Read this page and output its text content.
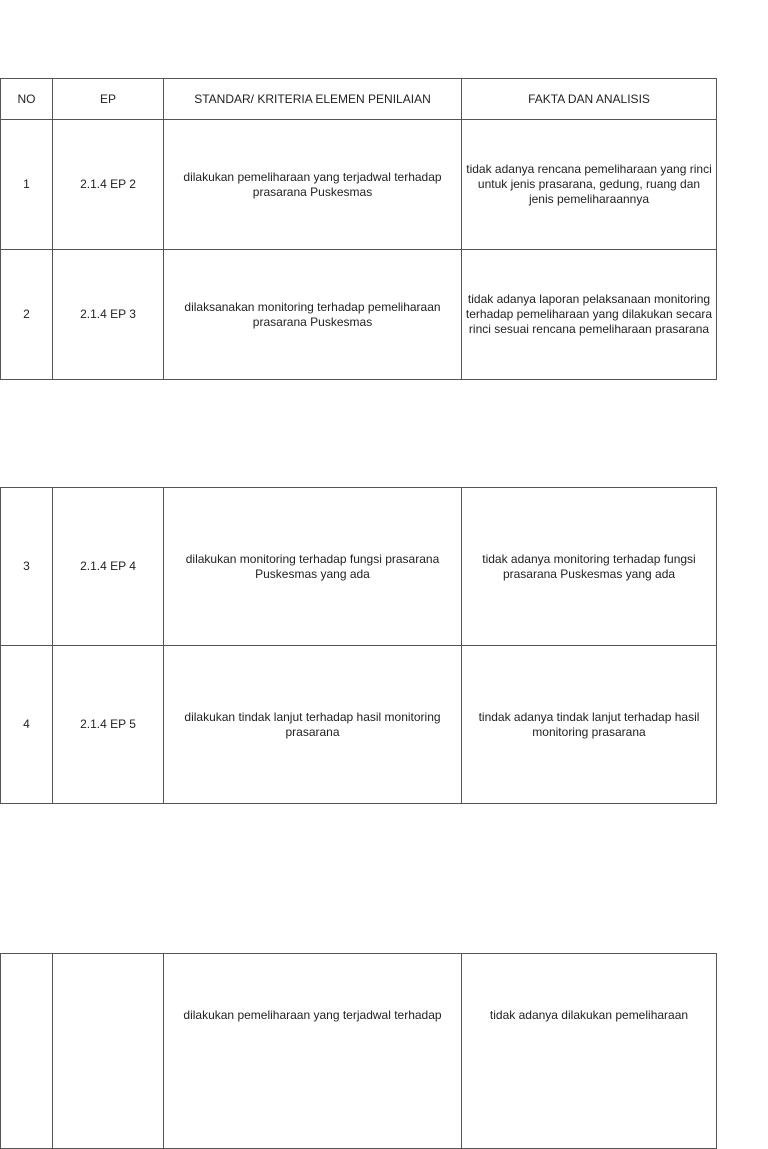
NO	EP	STANDAR/ KRITERIA ELEMEN PENILAIAN	FAKTA DAN ANALISIS
1	2.1.4 EP 2	dilakukan pemeliharaan yang terjadwal terhadap prasarana Puskesmas	tidak adanya rencana pemeliharaan yang rinci untuk jenis prasarana, gedung, ruang dan jenis pemeliharaannya
2	2.1.4 EP 3	dilaksanakan monitoring terhadap pemeliharaan prasarana Puskesmas	tidak adanya laporan pelaksanaan monitoring terhadap pemeliharaan yang dilakukan secara rinci sesuai rencana pemeliharaan prasarana
3	2.1.4 EP 4	dilakukan monitoring terhadap fungsi prasarana Puskesmas yang ada	tidak adanya monitoring terhadap fungsi prasarana Puskesmas yang ada
4	2.1.4 EP 5	dilakukan tindak lanjut terhadap hasil monitoring prasarana	tindak adanya tindak lanjut terhadap hasil monitoring prasarana
		dilakukan pemeliharaan yang terjadwal terhadap	tidak adanya dilakukan pemeliharaan
